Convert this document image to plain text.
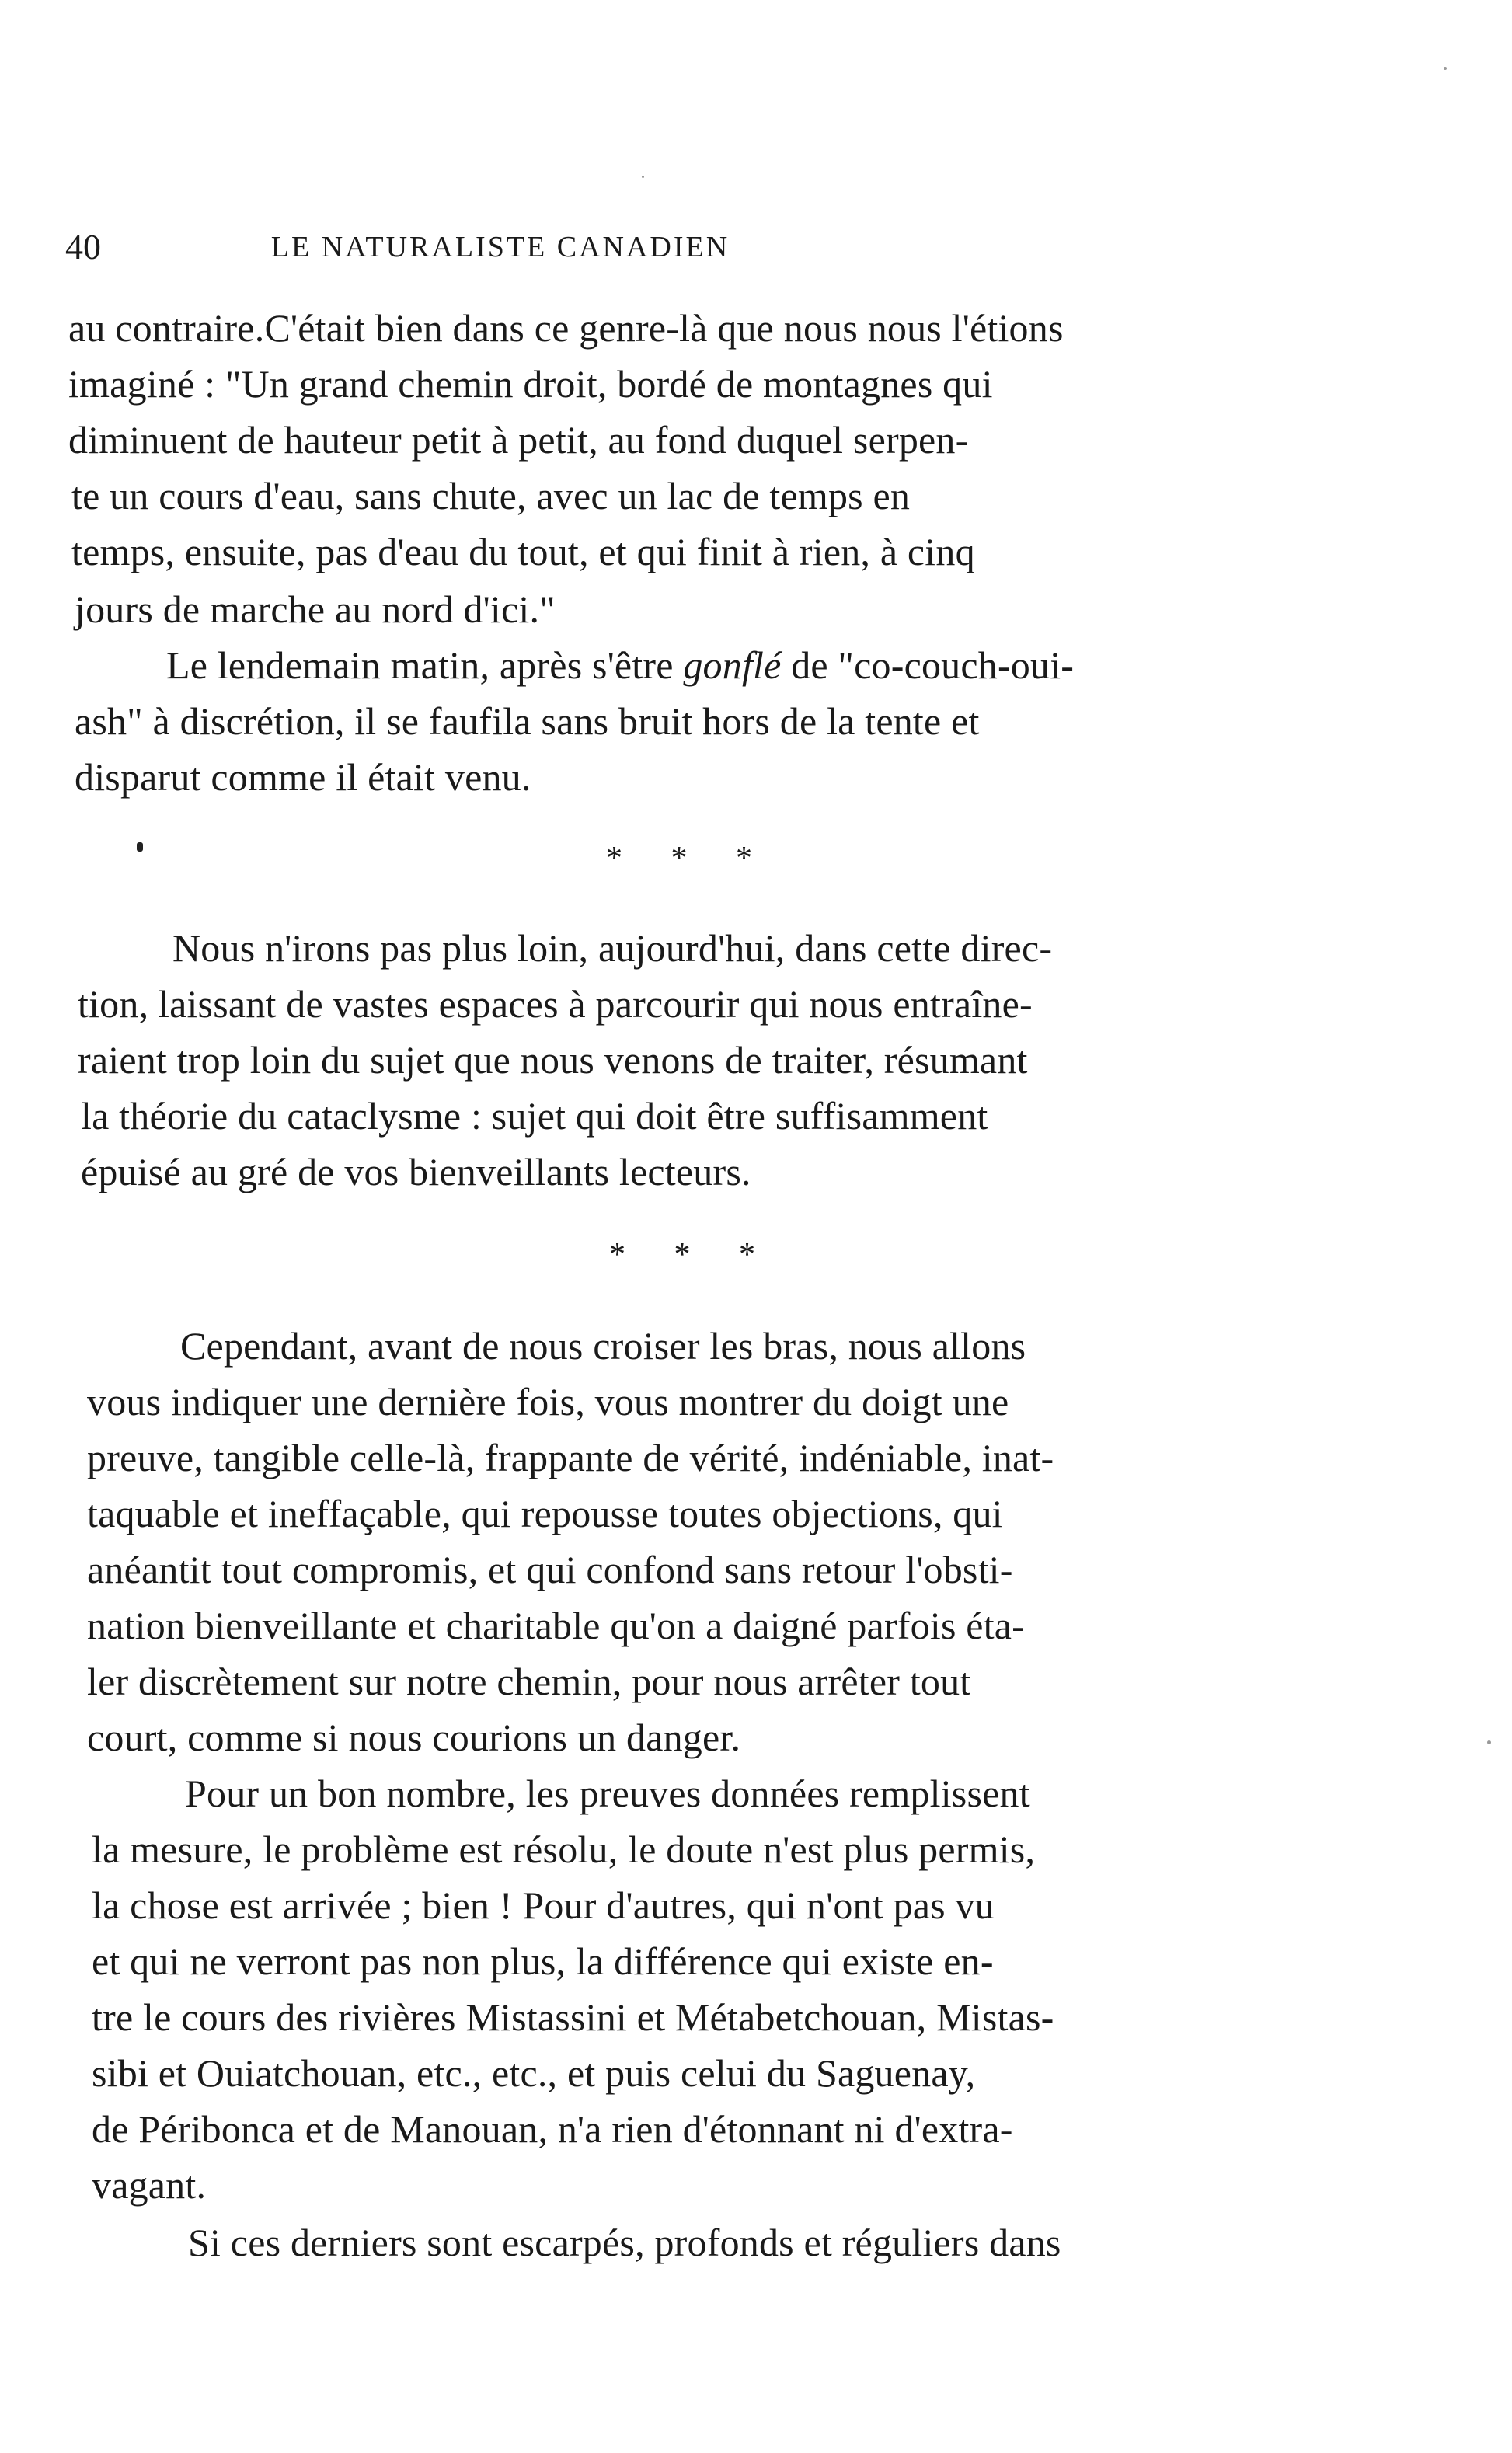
40	LE NATURALISTE CANADIEN
au contraire.C'était bien dans ce genre-là que nous nous l'étions
imaginé : "Un grand chemin droit, bordé de montagnes qui
diminuent de hauteur petit à petit, au fond duquel serpen-
te un cours d'eau, sans chute, avec un lac de temps en
temps, ensuite, pas d'eau du tout, et qui finit à rien, à cinq
jours de marche au nord d'ici."
Le lendemain matin, après s'être gonflé de "co-couch-oui-
ash" à discrétion, il se faufila sans bruit hors de la tente et
disparut comme il était venu.
* * *
Nous n'irons pas plus loin, aujourd'hui, dans cette direc-
tion, laissant de vastes espaces à parcourir qui nous entraîne-
raient trop loin du sujet que nous venons de traiter, résumant
la théorie du cataclysme : sujet qui doit être suffisamment
épuisé au gré de vos bienveillants lecteurs.
* * *
Cependant, avant de nous croiser les bras, nous allons
vous indiquer une dernière fois, vous montrer du doigt une
preuve, tangible celle-là, frappante de vérité, indéniable, inat-
taquable et ineffaçable, qui repousse toutes objections, qui
anéantit tout compromis, et qui confond sans retour l'obsti-
nation bienveillante et charitable qu'on a daigné parfois éta-
ler discrètement sur notre chemin, pour nous arrêter tout
court, comme si nous courions un danger.
Pour un bon nombre, les preuves données remplissent
la mesure, le problème est résolu, le doute n'est plus permis,
la chose est arrivée ; bien ! Pour d'autres, qui n'ont pas vu
et qui ne verront pas non plus, la différence qui existe en-
tre le cours des rivières Mistassini et Métabetchouan, Mistas-
sibi et Ouiatchouan, etc., etc., et puis celui du Saguenay,
de Péribonca et de Manouan, n'a rien d'étonnant ni d'extra-
vagant.
Si ces derniers sont escarpés, profonds et réguliers dans
